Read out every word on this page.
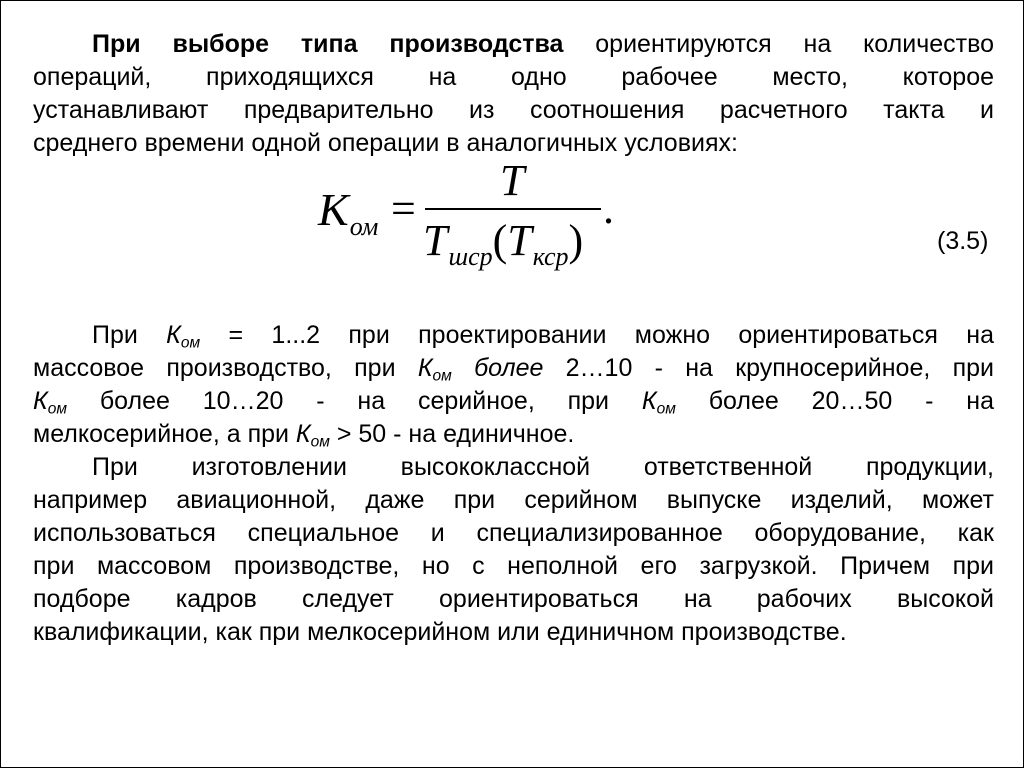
При выборе типа производства ориентируются на количество
операций, приходящихся на одно рабочее место, которое
устанавливают предварительно из соотношения расчетного такта и
среднего времени одной операции в аналогичных условиях:
$K_{ом}$ =
T
$T_{шср}(T_{кср})$
.
(3.5)
При $К_{ом} = 1...2$ при проектировании можно ориентироваться на
массовое производство, при $К_{ом}$ более 2…10 - на крупносерийное, при
$К_{ом}$ более 10…20 - на серийное, при $К_{ом}$ более 20…50 - на
мелкосерийное, а при $К_{ом} > 50$ - на единичное.
При изготовлении высококлассной ответственной продукции,
например авиационной, даже при серийном выпуске изделий, может
использоваться специальное и специализированное оборудование, как
при массовом производстве, но с неполной его загрузкой. Причем при
подборе кадров следует ориентироваться на рабочих высокой
квалификации, как при мелкосерийном или единичном производстве.
